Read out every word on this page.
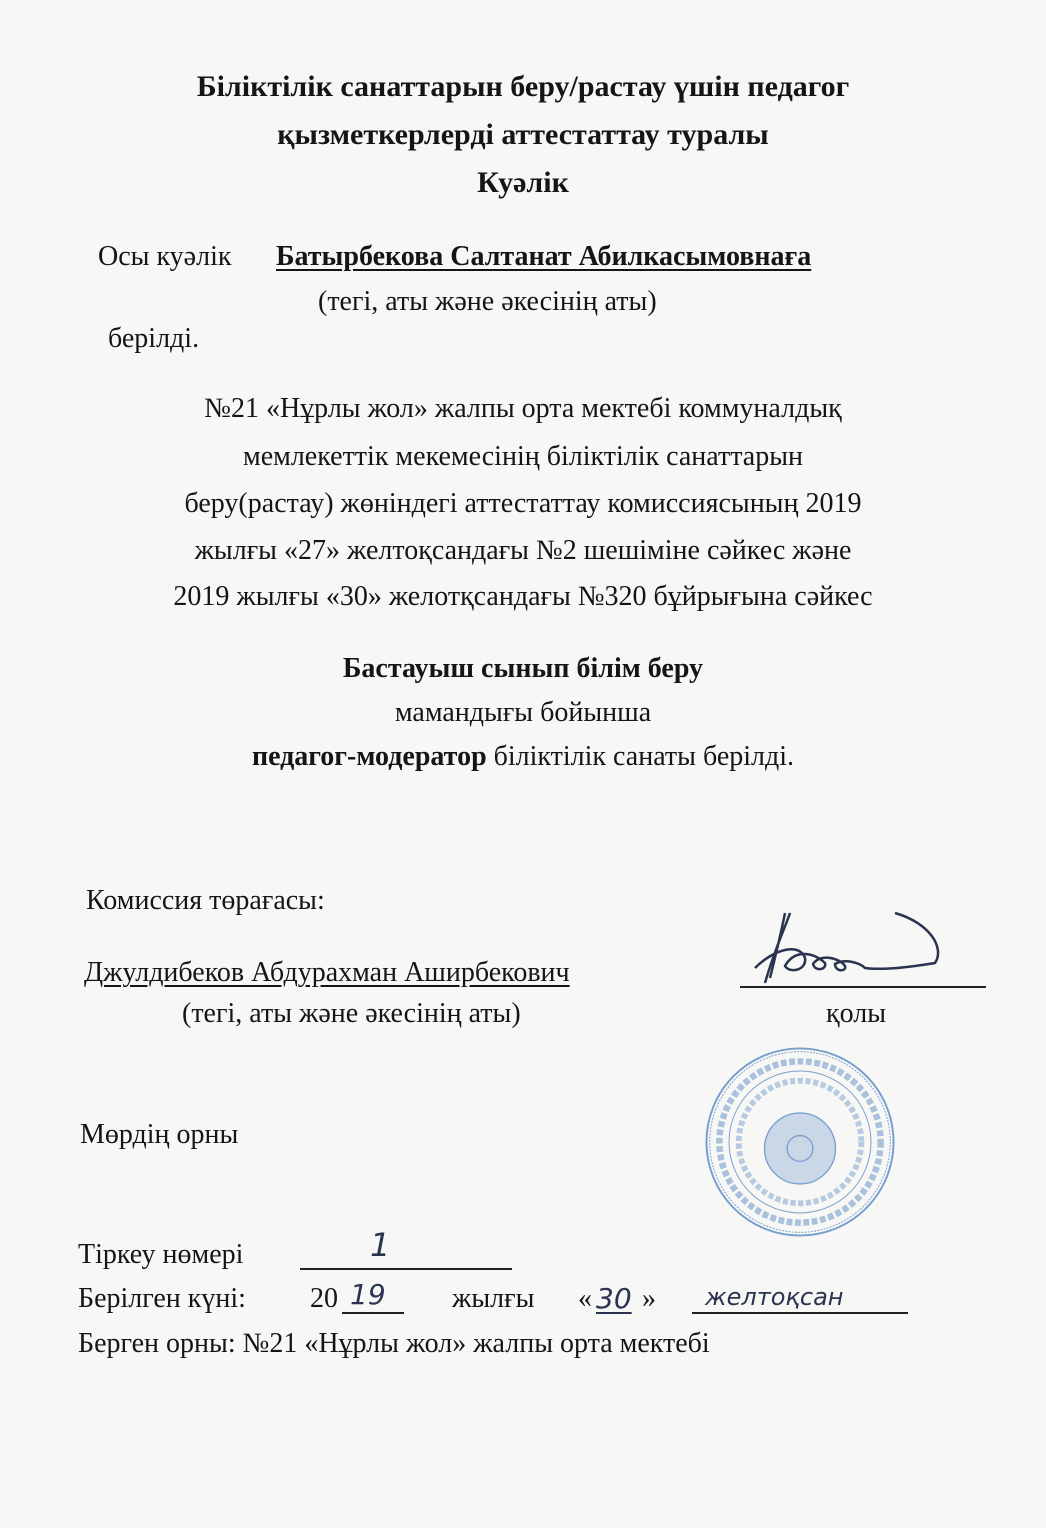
Біліктілік санаттарын беру/растау үшін педагог
қызметкерлерді аттестаттау туралы
Куәлік
Осы куәлік Батырбекова Салтанат Абилкасымовнаға
(тегі, аты және әкесінің аты)
берілді.
№21 «Нұрлы жол» жалпы орта мектебі коммуналдық
мемлекеттік мекемесінің біліктілік санаттарын
беру(растау) жөніндегі аттестаттау комиссиясының 2019
жылғы «27» желтоқсандағы №2 шешіміне сәйкес және
2019 жылғы «30» желотқсандағы №320 бұйрығына сәйкес
Бастауыш сынып білім беру
мамандығы бойынша
педагог-модератор біліктілік санаты берілді.
Комиссия төрағасы:
Джулдибеков Абдурахман Аширбекович
(тегі, аты және әкесінің аты)	қолы
Мөрдің орны
Тіркеу нөмері	1
Берілген күні: 20 19 жылғы « 30 » желтоқсан
Берген орны: №21 «Нұрлы жол» жалпы орта мектебі
